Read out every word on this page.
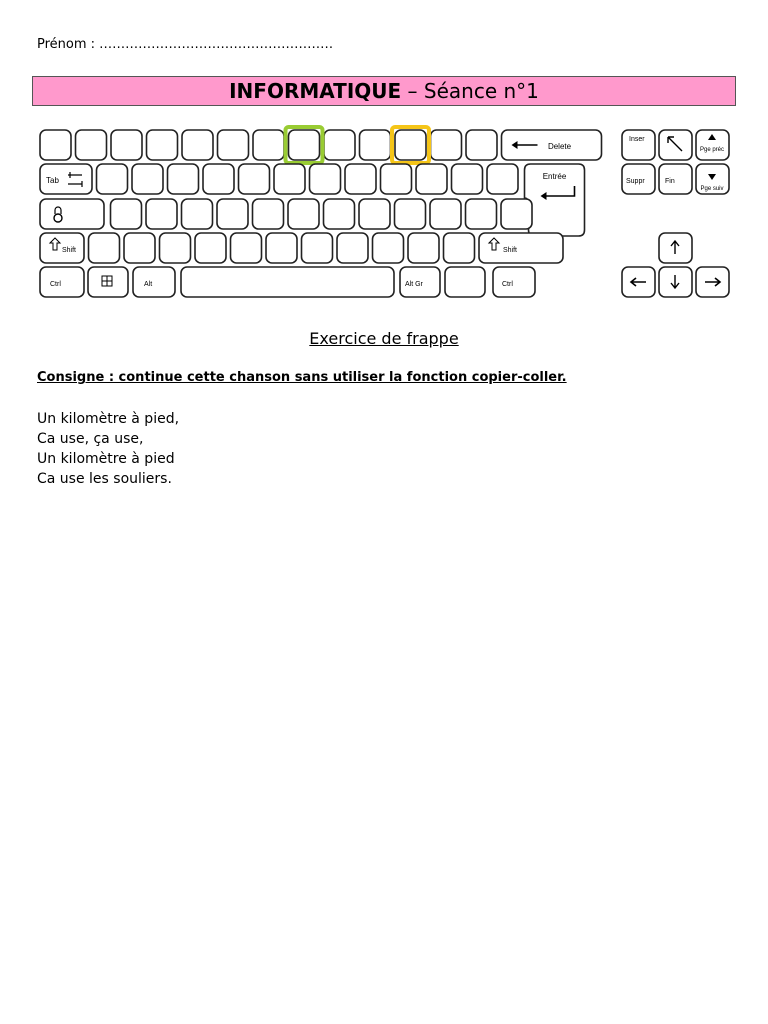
Prénom : ………………………………………………
INFORMATIQUE – Séance n°1
Delete
Tab	Entrée
Shift	Shift
Ctrl	Alt	Alt Gr	Ctrl
Inser
Pge préc
Suppr	Fin
Pge suiv
Exercice de frappe
Consigne : continue cette chanson sans utiliser la fonction copier-coller.
Un kilomètre à pied,
Ca use, ça use,
Un kilomètre à pied
Ca use les souliers.
